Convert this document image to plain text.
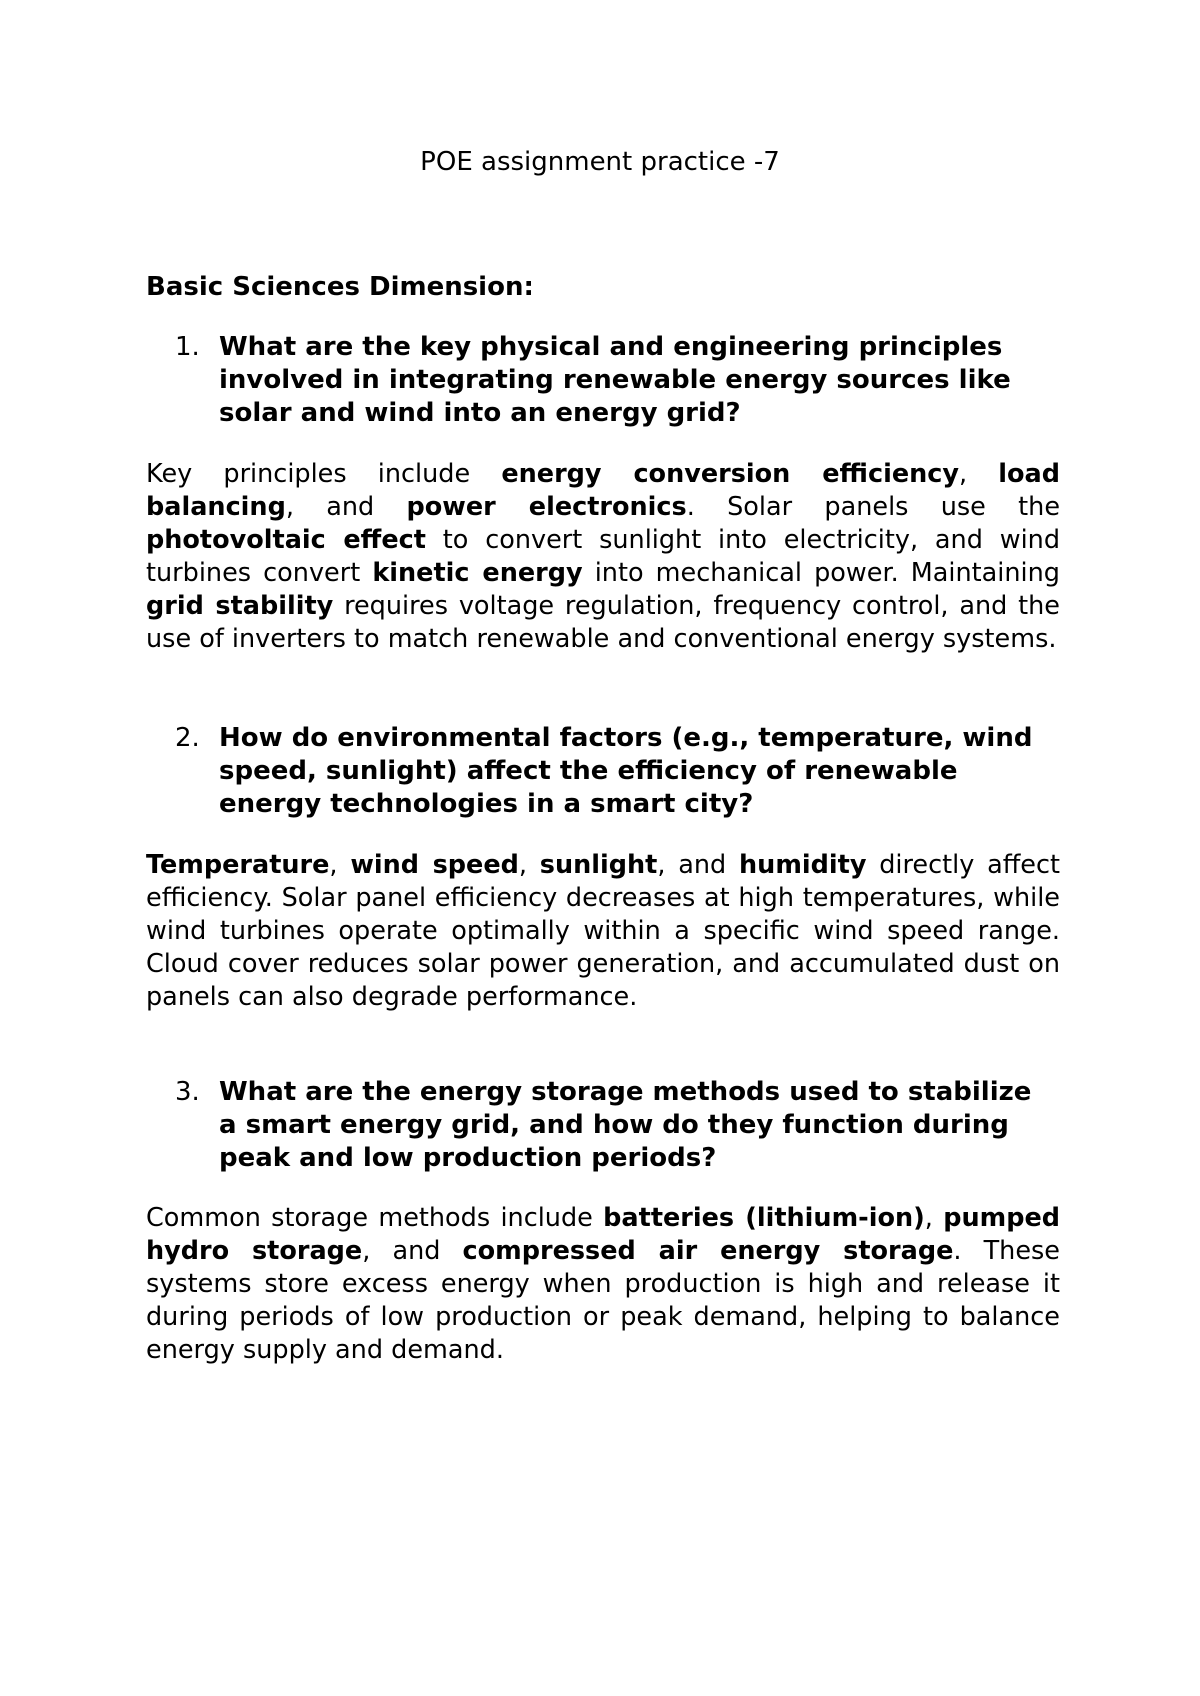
POE assignment practice -7
Basic Sciences Dimension:
1. What are the key physical and engineering principles involved in integrating renewable energy sources like solar and wind into an energy grid?

Key principles include energy conversion efficiency, load balancing, and power electronics. Solar panels use the photovoltaic effect to convert sunlight into electricity, and wind turbines convert kinetic energy into mechanical power. Maintaining grid stability requires voltage regulation, frequency control, and the use of inverters to match renewable and conventional energy systems.

2. How do environmental factors (e.g., temperature, wind speed, sunlight) affect the efficiency of renewable energy technologies in a smart city?

Temperature, wind speed, sunlight, and humidity directly affect efficiency. Solar panel efficiency decreases at high temperatures, while wind turbines operate optimally within a specific wind speed range. Cloud cover reduces solar power generation, and accumulated dust on panels can also degrade performance.

3. What are the energy storage methods used to stabilize a smart energy grid, and how do they function during peak and low production periods?

Common storage methods include batteries (lithium-ion), pumped hydro storage, and compressed air energy storage. These systems store excess energy when production is high and release it during periods of low production or peak demand, helping to balance energy supply and demand.
